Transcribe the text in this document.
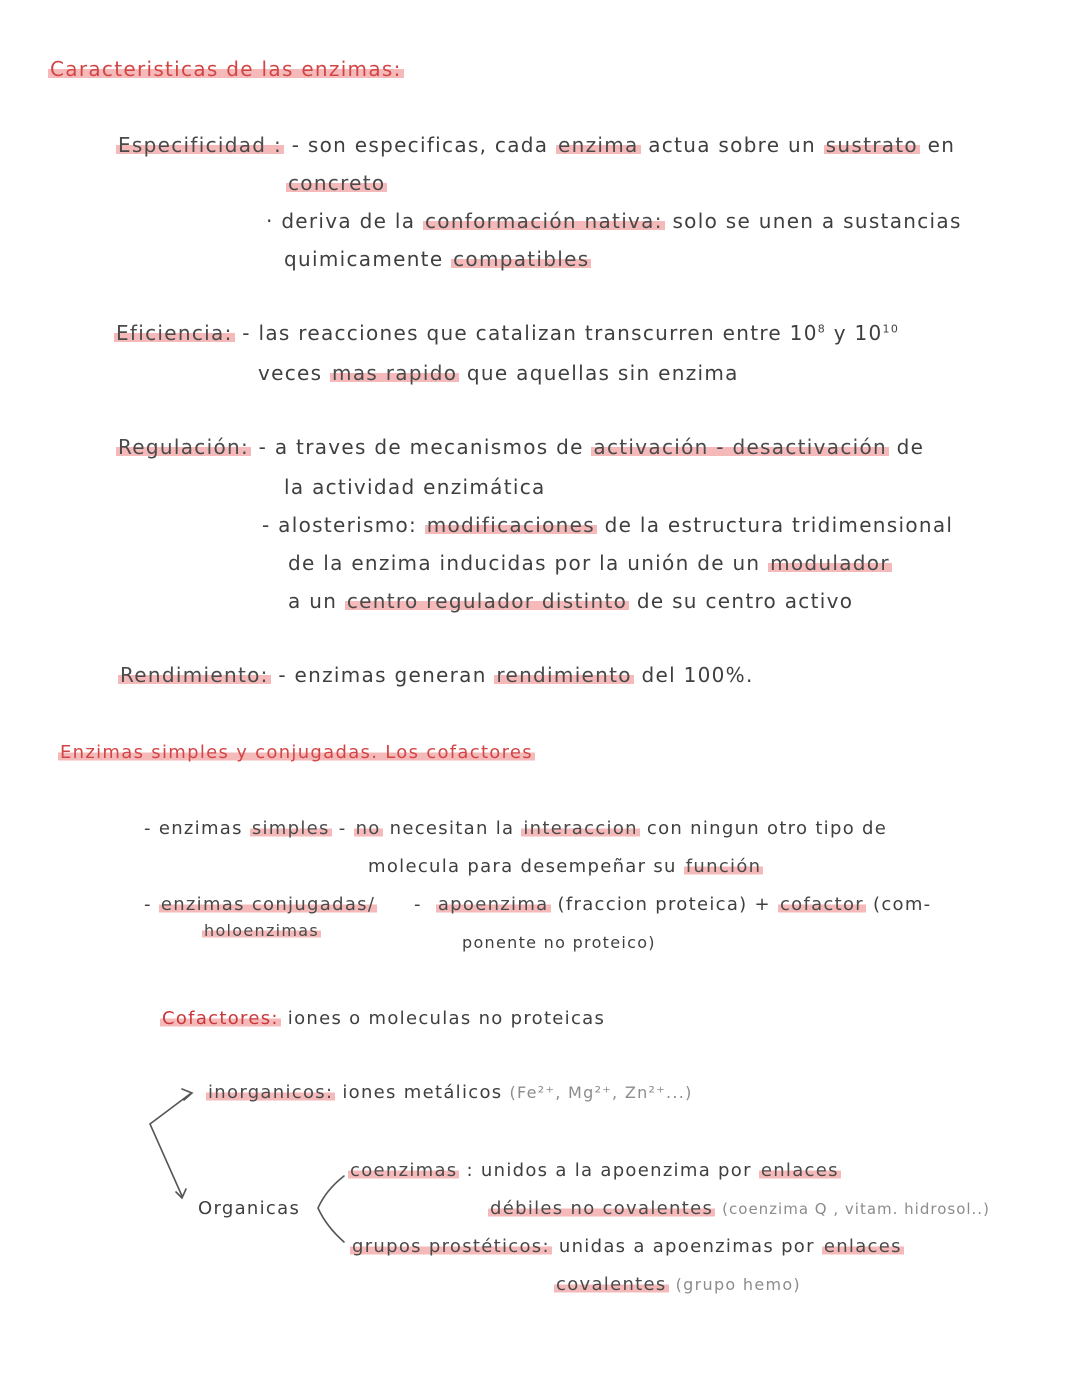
Caracteristicas de las enzimas:
Especificidad : - son especificas, cada enzima actua sobre un sustrato en
concreto
· deriva de la conformación nativa: solo se unen a sustancias
quimicamente compatibles
Eficiencia: - las reacciones que catalizan transcurren entre $10^8$ y $10^{10}$
veces mas rapido que aquellas sin enzima
Regulación: - a traves de mecanismos de activación - desactivación de
la actividad enzimática
- alosterismo: modificaciones de la estructura tridimensional
de la enzima inducidas por la unión de un modulador
a un centro regulador distinto de su centro activo
Rendimiento: - enzimas generan rendimiento del 100%.
Enzimas simples y conjugadas. Los cofactores
- enzimas simples - no necesitan la interaccion con ningun otro tipo de
molecula para desempeñar su función
- enzimas conjugadas/
holoenzimas
- apoenzima (fraccion proteica) + cofactor (com-
ponente no proteico)
Cofactores: iones o moleculas no proteicas
inorganicos: iones metálicos (Fe²⁺, Mg²⁺, Zn²⁺...)
Organicas
coenzimas : unidos a la apoenzima por enlaces
débiles no covalentes (coenzima Q , vitam. hidrosol..)
grupos prostéticos: unidas a apoenzimas por enlaces
covalentes (grupo hemo)
